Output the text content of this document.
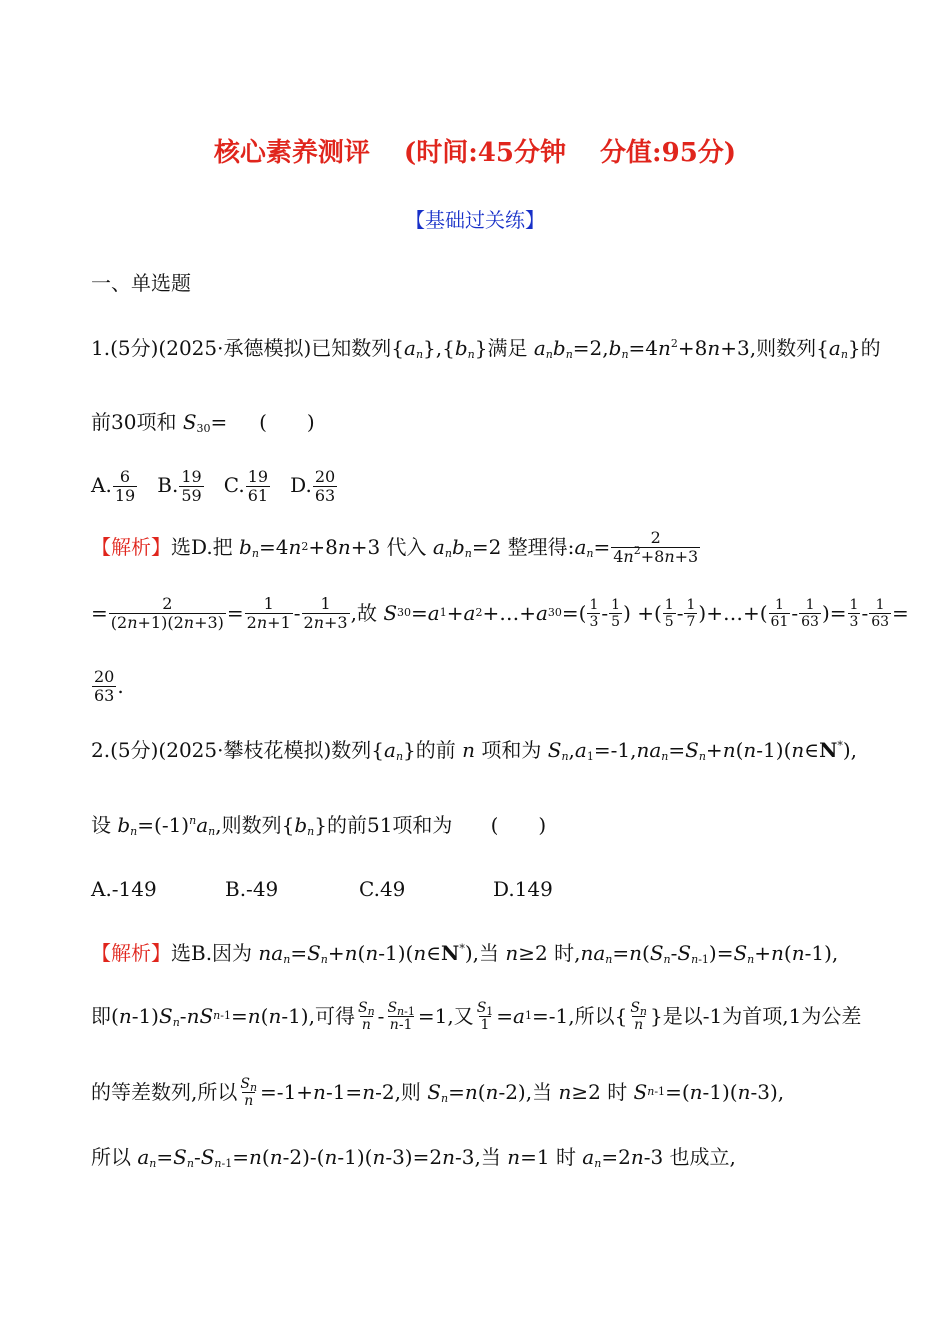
核心素养测评 (时间:45分钟 分值:95分)
【基础过关练】
一、单选题
1.(5分)(2025·承德模拟)已知数列$\{a_n\},\{b_n\}$满足 $a_nb_n=2,b_n=4n^2+8n+3$,则数列$\{a_n\}$的
前30项和 $S_{30}=$     (　　)
A. $\frac{6}{19}$
B. $\frac{19}{59}$
C. $\frac{19}{61}$
D. $\frac{20}{63}$
【解析】 选D.把
$b_n =4$ n 2 +8 n +3 代入
$a_nb_n =2$ 整理得: $a_n = \frac{2}{4n^2+8n+3}$
= $\frac{2}{(2n+1)(2n+3)} = \frac{1}{2n+1} - \frac{1}{2n+3}$ ,故
S 30 = a 1 + a 2 +…+ a 30 =( $\frac{1}{3} - \frac{1}{5}$ ) +( $\frac{1}{5} - \frac{1}{7}$ )+…+( $\frac{1}{61} - \frac{1}{63}$ )= $\frac{1}{3} - \frac{1}{63}$ =
$\frac{20}{63}$ .
2.(5分)(2025·攀枝花模拟)数列$\{a_n\}$的前 n 项和为 $S_n,a_1=-1,na_n=S_n+n(n-1)(n\in N^*)$,
设 $b_n=(-1)^na_n$,则数列$\{b_n\}$的前51项和为 (　　)
A.-149	B.-49	C.49	D.149
【解析】选B.因为 $na_n=S_n+n(n-1)(n\in N^*)$,当 n≥2 时$,na_n=n(S_n-S_{n-1})=S_n+n(n-1)$,
即 ( n -1) $S_n$ - nS n-1 = n ( n -1) ,可得 $\frac{S_n}{n} - \frac{S_{n-1}}{n-1} =1$ ,又 $\frac{S_1}{1} = a$ 1 =-1 ,所以 { $\frac{S_n}{n}$ } 是以-1为首项,1为公差
的等差数列,所以 $\frac{S_n}{n} =-1+ n$ -1= n -2 ,则
$S_n = n$ ( n -2) ,当
n ≥2 时
S n-1 =( n -1)( n -3),
所以 $a_n=S_n-S_{n-1}=n(n-2)-(n-1)(n-3)=2n-3$,当 n=1 时 $a_n=2n-3$ 也成立,
